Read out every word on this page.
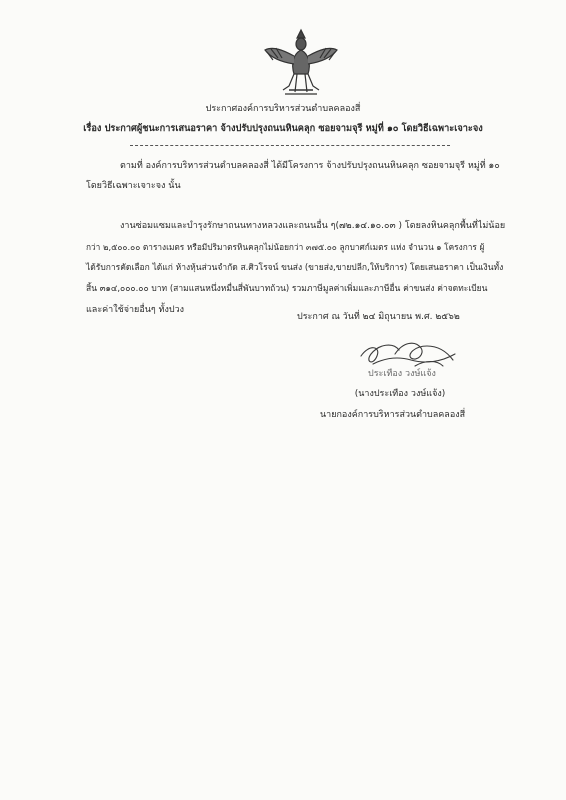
ประกาศองค์การบริหารส่วนตำบลคลองสี่
เรื่อง ประกาศผู้ชนะการเสนอราคา จ้างปรับปรุงถนนหินคลุก ซอยจามจุรี หมู่ที่ ๑๐ โดยวิธีเฉพาะเจาะจง
ตามที่ องค์การบริหารส่วนตำบลคลองสี่ ได้มีโครงการ จ้างปรับปรุงถนนหินคลุก ซอยจามจุรี หมู่ที่ ๑๐
โดยวิธีเฉพาะเจาะจง นั้น
งานซ่อมแซมและบำรุงรักษาถนนทางหลวงและถนนอื่น ๆ(๗๒.๑๔.๑๐.๐๓ ) โดยลงหินคลุกพื้นที่ไม่น้อย
กว่า ๒,๕๐๐.๐๐ ตารางเมตร หรือมีปริมาตรหินคลุกไม่น้อยกว่า ๓๗๕.๐๐ ลูกบาศก์เมตร แห่ง จำนวน ๑ โครงการ ผู้
ได้รับการคัดเลือก ได้แก่ ห้างหุ้นส่วนจำกัด ส.ศิวโรจน์ ขนส่ง (ขายส่ง,ขายปลีก,ให้บริการ) โดยเสนอราคา เป็นเงินทั้ง
สิ้น ๓๑๔,๐๐๐.๐๐ บาท (สามแสนหนึ่งหมื่นสี่พันบาทถ้วน) รวมภาษีมูลค่าเพิ่มและภาษีอื่น ค่าขนส่ง ค่าจดทะเบียน
และค่าใช้จ่ายอื่นๆ ทั้งปวง
ประกาศ ณ วันที่ ๒๔ มิถุนายน พ.ศ. ๒๕๖๒
ประเทือง วงษ์แจ้ง
(นางประเทือง วงษ์แจ้ง)
นายกองค์การบริหารส่วนตำบลคลองสี่
